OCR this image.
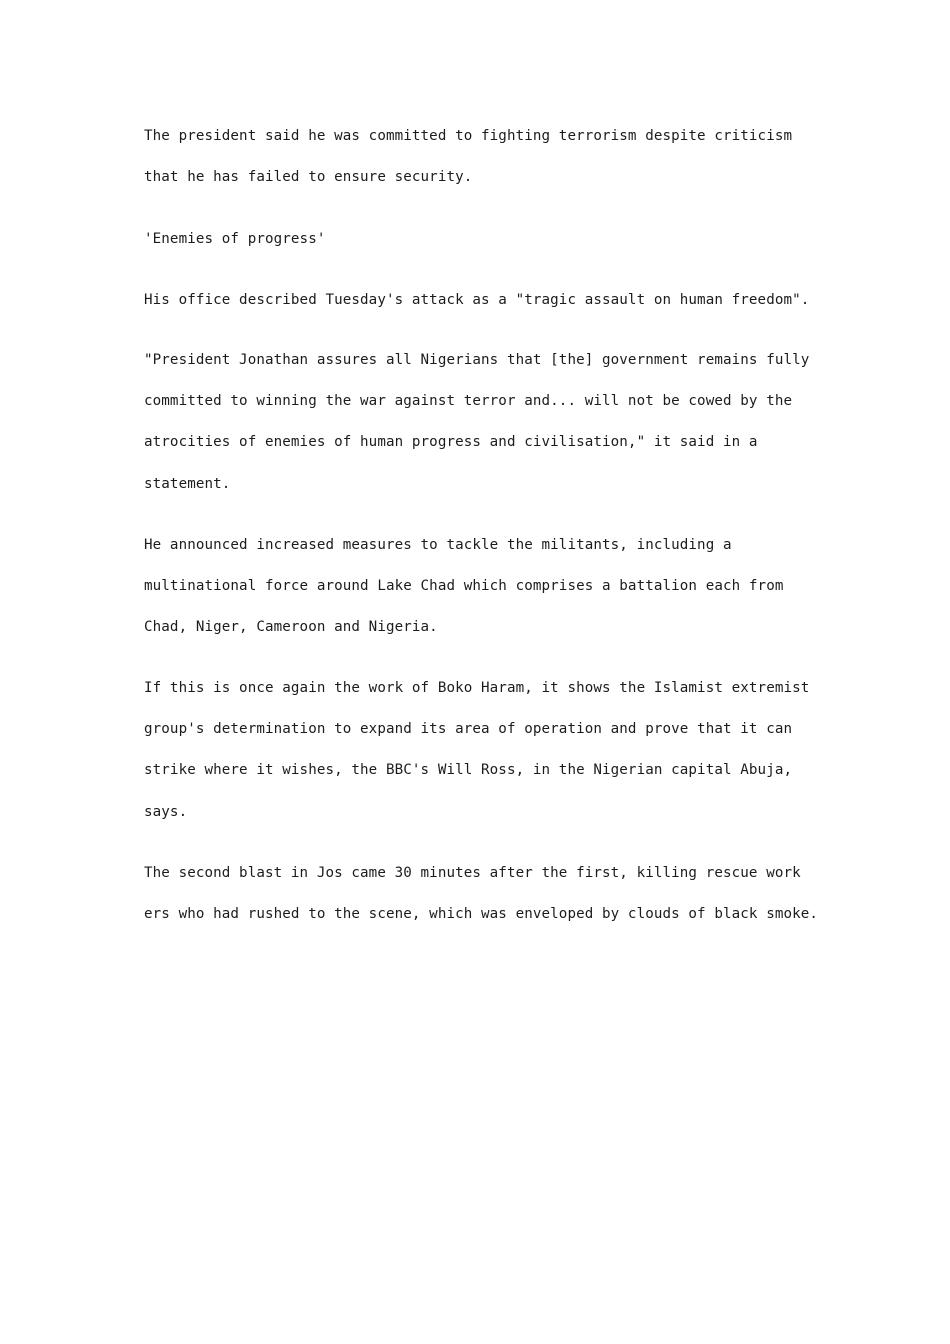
The president said he was committed to fighting terrorism despite criticism
that he has failed to ensure security.
'Enemies of progress'
His office described Tuesday's attack as a "tragic assault on human freedom".
"President Jonathan assures all Nigerians that [the] government remains fully
committed to winning the war against terror and... will not be cowed by the
atrocities of enemies of human progress and civilisation," it said in a
statement.
He announced increased measures to tackle the militants, including a
multinational force around Lake Chad which comprises a battalion each from
Chad, Niger, Cameroon and Nigeria.
If this is once again the work of Boko Haram, it shows the Islamist extremist
group's determination to expand its area of operation and prove that it can
strike where it wishes, the BBC's Will Ross, in the Nigerian capital Abuja,
says.
The second blast in Jos came 30 minutes after the first, killing rescue work
ers who had rushed to the scene, which was enveloped by clouds of black smoke.
